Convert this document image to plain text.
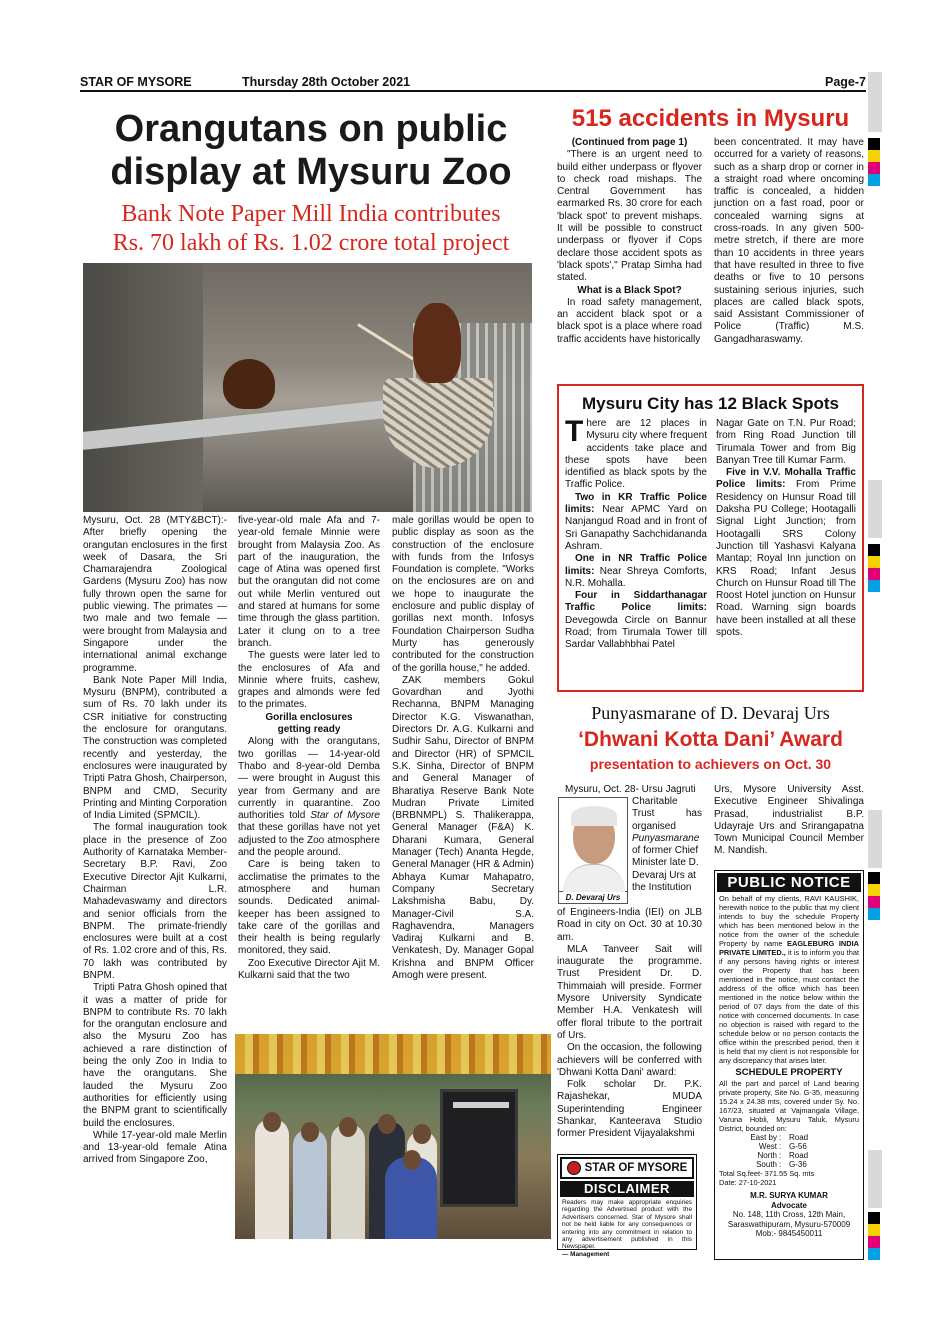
STAR OF MYSORE	Thursday 28th October 2021	Page-7
Orangutans on public
display at Mysuru Zoo
Bank Note Paper Mill India contributes
Rs. 70 lakh of Rs. 1.02 crore total project

Mysuru, Oct. 28 (MTY&BCT):- After briefly opening the orangutan enclosures in the first week of Dasara, the Sri Chamarajendra Zoological Gardens (Mysuru Zoo) has now fully thrown open the same for public viewing. The primates — two male and two female — were brought from Malaysia and Singapore under the international animal exchange programme.

Bank Note Paper Mill India, Mysuru (BNPM), contributed a sum of Rs. 70 lakh under its CSR initiative for constructing the enclosure for orangutans. The construction was completed recently and yesterday, the enclosures were inaugurated by Tripti Patra Ghosh, Chairperson, BNPM and CMD, Security Printing and Minting Corporation of India Limited (SPMCIL).

The formal inauguration took place in the presence of Zoo Authority of Karnataka Member-Secretary B.P. Ravi, Zoo Executive Director Ajit Kulkarni, Chairman L.R. Mahadevaswamy and directors and senior officials from the BNPM. The primate-friendly enclosures were built at a cost of Rs. 1.02 crore and of this, Rs. 70 lakh was contributed by BNPM.

Tripti Patra Ghosh opined that it was a matter of pride for BNPM to contribute Rs. 70 lakh for the orangutan enclosure and also the Mysuru Zoo has achieved a rare distinction of being the only Zoo in India to have the orangutans. She lauded the Mysuru Zoo authorities for efficiently using the BNPM grant to scientifically build the enclosures.

While 17-year-old male Merlin and 13-year-old female Atina arrived from Singapore Zoo,

five-year-old male Afa and 7-year-old female Minnie were brought from Malaysia Zoo. As part of the inauguration, the cage of Atina was opened first but the orangutan did not come out while Merlin ventured out and stared at humans for some time through the glass partition. Later it clung on to a tree branch.

The guests were later led to the enclosures of Afa and Minnie where fruits, cashew, grapes and almonds were fed to the primates.

Gorilla enclosures

getting ready

Along with the orangutans, two gorillas — 14-year-old Thabo and 8-year-old Demba — were brought in August this year from Germany and are currently in quarantine. Zoo authorities told Star of Mysore that these gorillas have not yet adjusted to the Zoo atmosphere and the people around.

Care is being taken to acclimatise the primates to the atmosphere and human sounds. Dedicated animal-keeper has been assigned to take care of the gorillas and their health is being regularly monitored, they said.

Zoo Executive Director Ajit M. Kulkarni said that the two

male gorillas would be open to public display as soon as the construction of the enclosure with funds from the Infosys Foundation is complete. "Works on the enclosures are on and we hope to inaugurate the enclosure and public display of gorillas next month. Infosys Foundation Chairperson Sudha Murty has generously contributed for the construction of the gorilla house," he added.

ZAK members Gokul Govardhan and Jyothi Rechanna, BNPM Managing Director K.G. Viswanathan, Directors Dr. A.G. Kulkarni and Sudhir Sahu, Director of BNPM and Director (HR) of SPMCIL S.K. Sinha, Director of BNPM and General Manager of Bharatiya Reserve Bank Note Mudran Private Limited (BRBNMPL) S. Thalikerappa, General Manager (F&A) K. Dharani Kumara, General Manager (Tech) Ananta Hegde, General Manager (HR & Admin) Abhaya Kumar Mahapatro, Company Secretary Lakshmisha Babu, Dy. Manager-Civil S.A. Raghavendra, Managers Vadiraj Kulkarni and B. Venkatesh, Dy. Manager Gopal Krishna and BNPM Officer Amogh were present.

515 accidents in Mysuru

(Continued from page 1)

"There is an urgent need to build either underpass or flyover to check road mishaps. The Central Government has earmarked Rs. 30 crore for each 'black spot' to prevent mishaps. It will be possible to construct underpass or flyover if Cops declare those accident spots as 'black spots'," Pratap Simha had stated.

What is a Black Spot?

In road safety management, an accident black spot or a black spot is a place where road traffic accidents have historically

been concentrated. It may have occurred for a variety of reasons, such as a sharp drop or corner in a straight road where oncoming traffic is concealed, a hidden junction on a fast road, poor or concealed warning signs at cross-roads. In any given 500-metre stretch, if there are more than 10 accidents in three years that have resulted in three to five deaths or five to 10 persons sustaining serious injuries, such places are called black spots, said Assistant Commissioner of Police (Traffic) M.S. Gangadharaswamy.

Mysuru City has 12 Black Spots

There are 12 places in Mysuru city where frequent accidents take place and these spots have been identified as black spots by the Traffic Police.

Two in KR Traffic Police limits: Near APMC Yard on Nanjangud Road and in front of Sri Ganapathy Sachchidananda Ashram.

One in NR Traffic Police limits: Near Shreya Comforts, N.R. Mohalla.

Four in Siddarthanagar Traffic Police limits: Devegowda Circle on Bannur Road; from Tirumala Tower till Sardar Vallabhbhai Patel

Nagar Gate on T.N. Pur Road; from Ring Road Junction till Tirumala Tower and from Big Banyan Tree till Kumar Farm.

Five in V.V. Mohalla Traffic Police limits: From Prime Residency on Hunsur Road till Daksha PU College; Hootagalli Signal Light Junction; from Hootagalli SRS Colony Junction till Yashasvi Kalyana Mantap; Royal Inn junction on KRS Road; Infant Jesus Church on Hunsur Road till The Roost Hotel junction on Hunsur Road. Warning sign boards have been installed at all these spots.

Punyasmarane of D. Devaraj Urs
‘Dhwani Kotta Dani’ Award
presentation to achievers on Oct. 30
D. Devaraj Urs

Mysuru, Oct. 28- Ursu Jagruti

Charitable

Trust has

organised

Punyasmarane

of former Chief

Minister late D.

Devaraj Urs at

the Institution

of Engineers-India (IEI) on JLB Road in city on Oct. 30 at 10.30 am.

MLA Tanveer Sait will inaugurate the programme. Trust President Dr. D. Thimmaiah will preside. Former Mysore University Syndicate Member H.A. Venkatesh will offer floral tribute to the portrait of Urs.

On the occasion, the following achievers will be conferred with 'Dhwani Kotta Dani' award:

Folk scholar Dr. P.K. Rajashekar, MUDA Superintending Engineer Shankar, Kanteerava Studio former President Vijayalakshmi

Urs, Mysore University Asst. Executive Engineer Shivalinga Prasad, industrialist B.P. Udayraje Urs and Srirangapatna Town Municipal Council Member M. Nandish.

PUBLIC NOTICE
On behalf of my clients, RAVI KAUSHIK, herewith notice to the public that my client intends to buy the schedule Property which has been mentioned below in the notice from the owner of the schedule Property by name EAGLEBURG INDIA PRIVATE LIMITED., it is to inform you that if any persons having rights or interest over the Property that has been mentioned in the notice, must contact the address of the office which has been mentioned in the notice below within the period of 07 days from the date of this notice with concerned documents. In case no objection is raised with regard to the schedule below or no person contacts the office within the prescribed period, then it is held that my client is not responsible for any discrepancy that arises later.
SCHEDULE PROPERTY
All the part and parcel of Land bearing private property, Site No. G-35, measuring 15.24 x 24.38 mts, covered under Sy. No. 167/23, situated at Vajmangala Village, Varuna Hobli, Mysuru Taluk, Mysuru District, bounded on:
East by : Road
West : G-56
North : Road
South : G-36
Total Sq.feet- 371.55 Sq. mts
Date: 27-10-2021
M.R. SURYA KUMAR
Advocate
No. 148, 11th Cross, 12th Main,
Saraswathipuram, Mysuru-570009
Mob:- 9845450011
STAR OF MYSORE
DISCLAIMER
Readers may make appropriate enquiries regarding the Advertised product with the Advertisers concerned. Star of Mysore shall not be held liable for any consequences or entering into any commitment in relation to any advertisement published in this Newspaper.
— Management
